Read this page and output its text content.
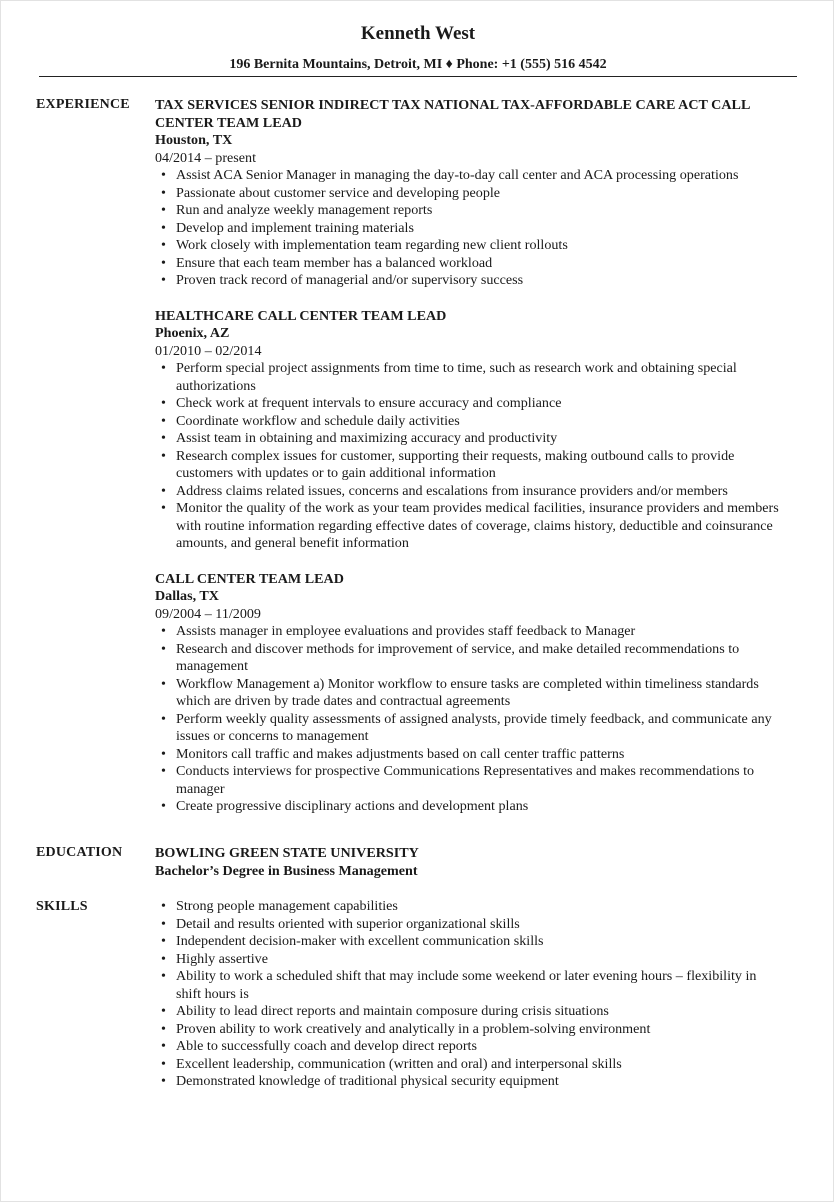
Kenneth West
196 Bernita Mountains, Detroit, MI ♦ Phone: +1 (555) 516 4542
EXPERIENCE TAX SERVICES SENIOR INDIRECT TAX NATIONAL TAX-AFFORDABLE CARE ACT CALL CENTER TEAM LEAD
Houston, TX
04/2014 – present
• Assist ACA Senior Manager in managing the day-to-day call center and ACA processing operations
• Passionate about customer service and developing people
• Run and analyze weekly management reports
• Develop and implement training materials
• Work closely with implementation team regarding new client rollouts
• Ensure that each team member has a balanced workload
• Proven track record of managerial and/or supervisory success
HEALTHCARE CALL CENTER TEAM LEAD
Phoenix, AZ
01/2010 – 02/2014
• Perform special project assignments from time to time, such as research work and obtaining special authorizations
• Check work at frequent intervals to ensure accuracy and compliance
• Coordinate workflow and schedule daily activities
• Assist team in obtaining and maximizing accuracy and productivity
• Research complex issues for customer, supporting their requests, making outbound calls to provide customers with updates or to gain additional information
• Address claims related issues, concerns and escalations from insurance providers and/or members
• Monitor the quality of the work as your team provides medical facilities, insurance providers and members with routine information regarding effective dates of coverage, claims history, deductible and coinsurance amounts, and general benefit information
CALL CENTER TEAM LEAD
Dallas, TX
09/2004 – 11/2009
• Assists manager in employee evaluations and provides staff feedback to Manager
• Research and discover methods for improvement of service, and make detailed recommendations to management
• Workflow Management a) Monitor workflow to ensure tasks are completed within timeliness standards which are driven by trade dates and contractual agreements
• Perform weekly quality assessments of assigned analysts, provide timely feedback, and communicate any issues or concerns to management
• Monitors call traffic and makes adjustments based on call center traffic patterns
• Conducts interviews for prospective Communications Representatives and makes recommendations to manager
• Create progressive disciplinary actions and development plans
EDUCATION BOWLING GREEN STATE UNIVERSITY
Bachelor’s Degree in Business Management
SKILLS
•	Strong people management capabilities
• Detail and results oriented with superior organizational skills
• Independent decision-maker with excellent communication skills
• Highly assertive
• Ability to work a scheduled shift that may include some weekend or later evening hours – flexibility in shift hours is
• Ability to lead direct reports and maintain composure during crisis situations
• Proven ability to work creatively and analytically in a problem-solving environment
• Able to successfully coach and develop direct reports
• Excellent leadership, communication (written and oral) and interpersonal skills
• Demonstrated knowledge of traditional physical security equipment
